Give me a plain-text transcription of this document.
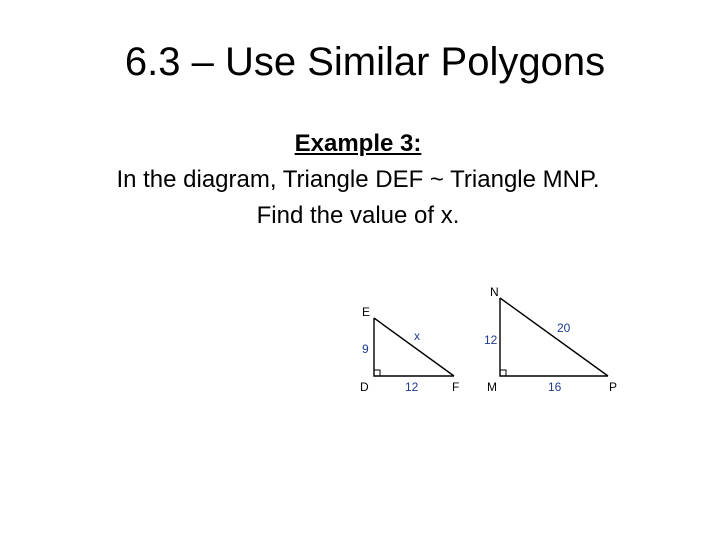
6.3 – Use Similar Polygons
Example 3:
In the diagram, Triangle DEF ~ Triangle MNP.
Find the value of x.
E
D	F
9
12
x
N
M	P
12
16
20
